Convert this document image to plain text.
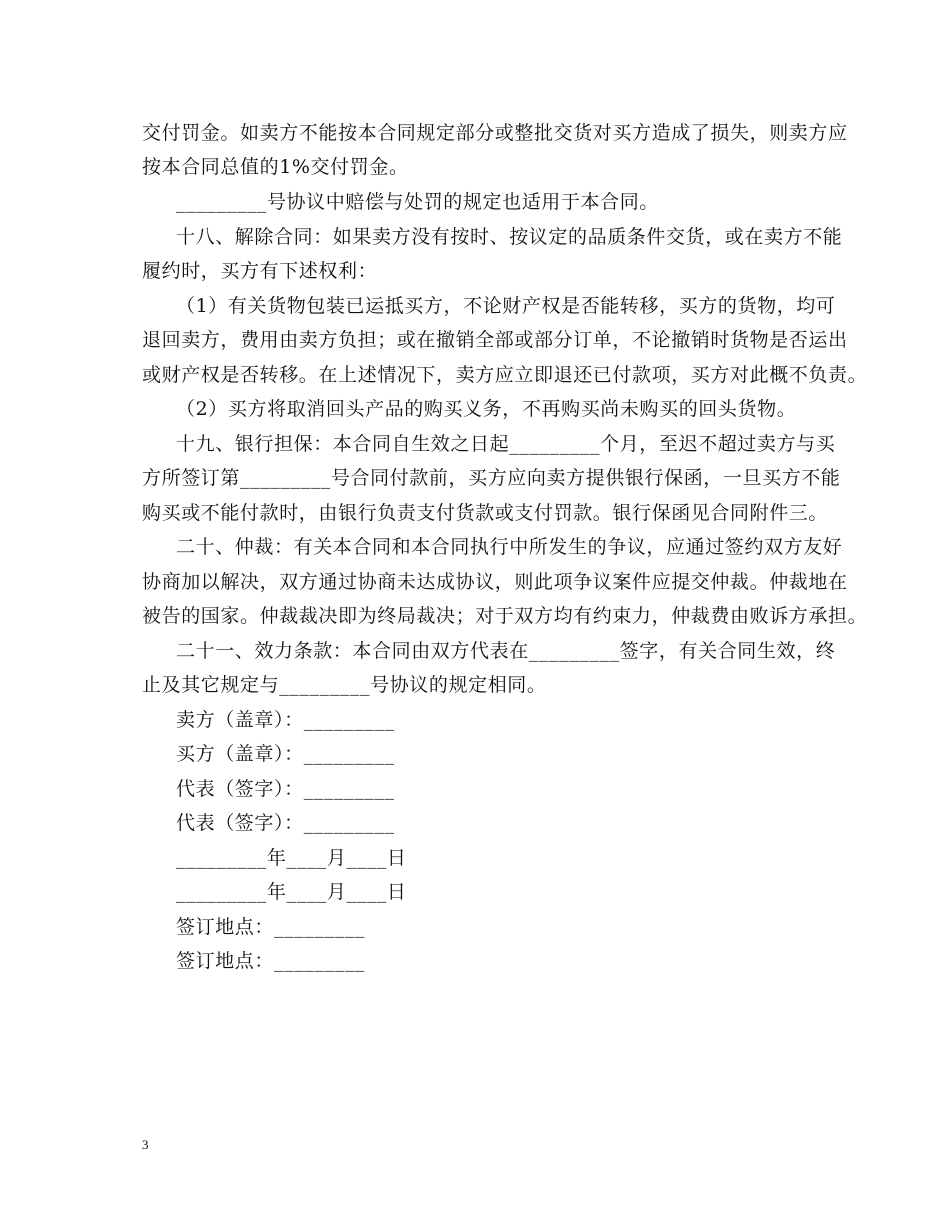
交付罚金。如卖方不能按本合同规定部分或整批交货对买方造成了损失，则卖方应
按本合同总值的1%交付罚金。
_________号协议中赔偿与处罚的规定也适用于本合同。
十八、解除合同：如果卖方没有按时、按议定的品质条件交货，或在卖方不能
履约时，买方有下述权利：
（1）有关货物包装已运抵买方，不论财产权是否能转移，买方的货物，均可
退回卖方，费用由卖方负担；或在撤销全部或部分订单，不论撤销时货物是否运出
或财产权是否转移。在上述情况下，卖方应立即退还已付款项，买方对此概不负责。
（2）买方将取消回头产品的购买义务，不再购买尚未购买的回头货物。
十九、银行担保：本合同自生效之日起_________个月，至迟不超过卖方与买
方所签订第_________号合同付款前，买方应向卖方提供银行保函，一旦买方不能
购买或不能付款时，由银行负责支付货款或支付罚款。银行保函见合同附件三。
二十、仲裁：有关本合同和本合同执行中所发生的争议，应通过签约双方友好
协商加以解决，双方通过协商未达成协议，则此项争议案件应提交仲裁。仲裁地在
被告的国家。仲裁裁决即为终局裁决；对于双方均有约束力，仲裁费由败诉方承担。
二十一、效力条款：本合同由双方代表在_________签字，有关合同生效，终
止及其它规定与_________号协议的规定相同。
卖方（盖章）：_________
买方（盖章）：_________
代表（签字）：_________
代表（签字）：_________
_________年____月____日
_________年____月____日
签订地点：_________
签订地点：_________
3
